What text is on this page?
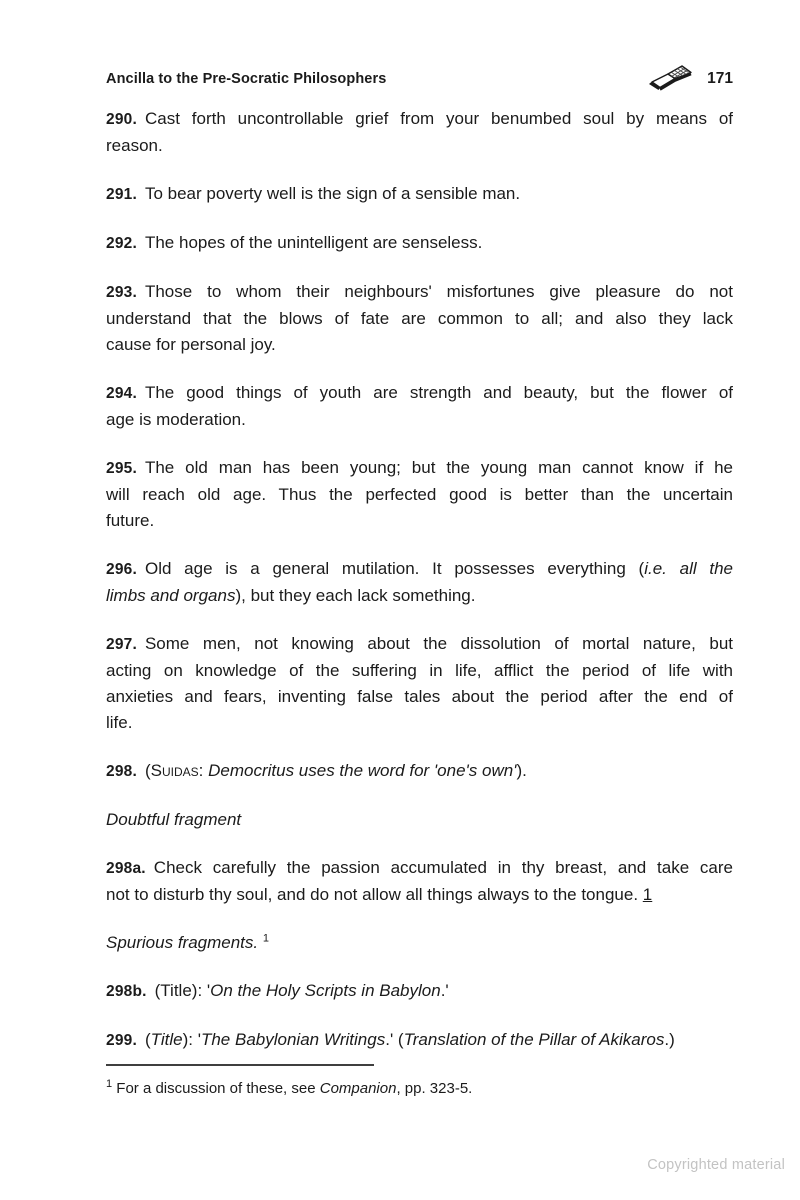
Ancilla to the Pre-Socratic Philosophers	171
290. Cast forth uncontrollable grief from your benumbed soul by means of
reason.
291. To bear poverty well is the sign of a sensible man.
292. The hopes of the unintelligent are senseless.
293. Those to whom their neighbours' misfortunes give pleasure do not
understand that the blows of fate are common to all; and also they lack
cause for personal joy.
294. The good things of youth are strength and beauty, but the flower of
age is moderation.
295. The old man has been young; but the young man cannot know if he
will reach old age. Thus the perfected good is better than the uncertain
future.
296. Old age is a general mutilation. It possesses everything (i.e. all the
limbs and organs), but they each lack something.
297. Some men, not knowing about the dissolution of mortal nature, but
acting on knowledge of the suffering in life, afflict the period of life with
anxieties and fears, inventing false tales about the period after the end of
life.
298. (Suidas: Democritus uses the word for 'one's own').
Doubtful fragment
298a. Check carefully the passion accumulated in thy breast, and take care
not to disturb thy soul, and do not allow all things always to the tongue. 1
Spurious fragments. $^1$
298b. (Title): 'On the Holy Scripts in Babylon.'
299. (Title): 'The Babylonian Writings.' (Translation of the Pillar of Akikaros.)
$^1$ For a discussion of these, see Companion, pp. 323-5.
Copyrighted material
